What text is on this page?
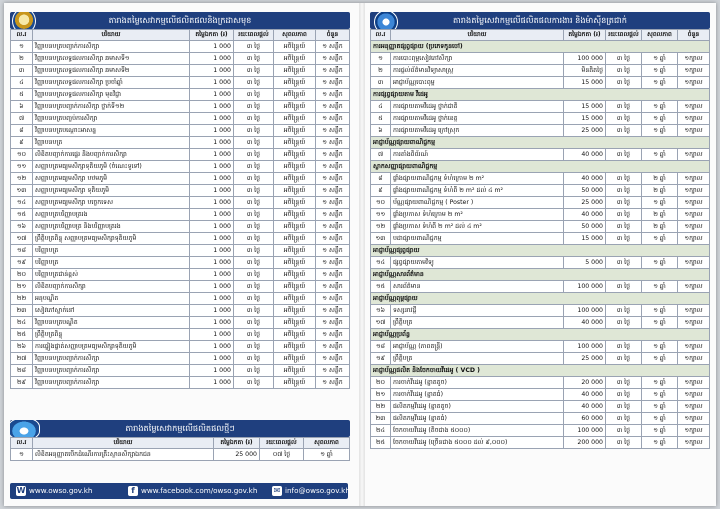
តារាងតម្លៃសេវាកម្មលើផលិតផលនិងក្រដាសមុខ
ល.រ	បរិយាយ	តម្លៃឯកតា (៛)	រយៈពេលផ្ដល់	សុពលភាព	ចំនួន
១	វិញ្ញាបនបត្របញ្ជាក់ការសិក្សា	1 000	៣ ថ្ងៃ	អចិន្ត្រៃយ៍	១ សន្លឹក
២	វិញ្ញាបនបត្រលទ្ធផលការសិក្សា ឆមាសទី១	1 000	៣ ថ្ងៃ	អចិន្ត្រៃយ៍	១ សន្លឹក
៣	វិញ្ញាបនបត្រលទ្ធផលការសិក្សា ឆមាសទី២	1 000	៣ ថ្ងៃ	អចិន្ត្រៃយ៍	១ សន្លឹក
៤	វិញ្ញាបនបត្រលទ្ធផលការសិក្សា ប្រចាំឆ្នាំ	1 000	៣ ថ្ងៃ	អចិន្ត្រៃយ៍	១ សន្លឹក
៥	វិញ្ញាបនបត្រលទ្ធផលការសិក្សា មុខវិជ្ជា	1 000	៣ ថ្ងៃ	អចិន្ត្រៃយ៍	១ សន្លឹក
៦	វិញ្ញាបនបត្របញ្ជាក់ការសិក្សា ថ្នាក់ទី១២	1 000	៣ ថ្ងៃ	អចិន្ត្រៃយ៍	១ សន្លឹក
៧	វិញ្ញាបនបត្របញ្ចប់ការសិក្សា	1 000	៣ ថ្ងៃ	អចិន្ត្រៃយ៍	១ សន្លឹក
៨	វិញ្ញាបនបត្របណ្ដោះអាសន្ន	1 000	៣ ថ្ងៃ	អចិន្ត្រៃយ៍	១ សន្លឹក
៩	វិញ្ញាបនបត្រ	1 000	៣ ថ្ងៃ	អចិន្ត្រៃយ៍	១ សន្លឹក
១០	លិខិតបញ្ជាក់ការផ្ទេរ និងបញ្ជាក់ការសិក្សា	1 000	៣ ថ្ងៃ	អចិន្ត្រៃយ៍	១ សន្លឹក
១១	សញ្ញាបត្រមធ្យមសិក្សាទុតិយភូមិ (ចំណេះទូទៅ)	1 000	៣ ថ្ងៃ	អចិន្ត្រៃយ៍	១ សន្លឹក
១២	សញ្ញាបត្រមធ្យមសិក្សា បឋមភូមិ	1 000	៣ ថ្ងៃ	អចិន្ត្រៃយ៍	១ សន្លឹក
១៣	សញ្ញាបត្រមធ្យមសិក្សា ទុតិយភូមិ	1 000	៣ ថ្ងៃ	អចិន្ត្រៃយ៍	១ សន្លឹក
១៤	សញ្ញាបត្រមធ្យមសិក្សា បច្ចេកទេស	1 000	៣ ថ្ងៃ	អចិន្ត្រៃយ៍	១ សន្លឹក
១៥	សញ្ញាបត្របរិញ្ញាបត្ររង	1 000	៣ ថ្ងៃ	អចិន្ត្រៃយ៍	១ សន្លឹក
១៦	សញ្ញាបត្របរិញ្ញាបត្រ និងបរិញ្ញាបត្ររង	1 000	៣ ថ្ងៃ	អចិន្ត្រៃយ៍	១ សន្លឹក
១៧	ព្រឹត្តិបត្រពិន្ទុ សញ្ញាបត្រមធ្យមសិក្សាទុតិយភូមិ	1 000	៣ ថ្ងៃ	អចិន្ត្រៃយ៍	១ សន្លឹក
១៨	បរិញ្ញាបត្រ	1 000	៣ ថ្ងៃ	អចិន្ត្រៃយ៍	១ សន្លឹក
១៩	បរិញ្ញាបត្រ	1 000	៣ ថ្ងៃ	អចិន្ត្រៃយ៍	១ សន្លឹក
២០	បរិញ្ញាបត្រជាន់ខ្ពស់	1 000	៣ ថ្ងៃ	អចិន្ត្រៃយ៍	១ សន្លឹក
២១	លិខិតបញ្ជាក់ការសិក្សា	1 000	៣ ថ្ងៃ	អចិន្ត្រៃយ៍	១ សន្លឹក
២២	អនុបណ្ឌិត	1 000	៣ ថ្ងៃ	អចិន្ត្រៃយ៍	១ សន្លឹក
២៣	សៀវភៅស្នាក់នៅ	1 000	៣ ថ្ងៃ	អចិន្ត្រៃយ៍	១ សន្លឹក
២៤	វិញ្ញាបនបត្របណ្ឌិត	1 000	៣ ថ្ងៃ	អចិន្ត្រៃយ៍	១ សន្លឹក
២៥	ព្រឹត្តិបត្រពិន្ទុ	1 000	៣ ថ្ងៃ	អចិន្ត្រៃយ៍	១ សន្លឹក
២៦	ការផ្ទៀងផ្ទាត់សញ្ញាបត្រមធ្យមសិក្សាទុតិយភូមិ	1 000	៣ ថ្ងៃ	អចិន្ត្រៃយ៍	១ សន្លឹក
២៧	វិញ្ញាបនបត្របញ្ជាក់ការសិក្សា	1 000	៣ ថ្ងៃ	អចិន្ត្រៃយ៍	១ សន្លឹក
២៨	វិញ្ញាបនបត្របញ្ជាក់ការសិក្សា	1 000	៣ ថ្ងៃ	អចិន្ត្រៃយ៍	១ សន្លឹក
២៩	វិញ្ញាបនបត្របញ្ជាក់ការសិក្សា	1 000	៣ ថ្ងៃ	អចិន្ត្រៃយ៍	១ សន្លឹក
តារាងតម្លៃសេវាកម្មលើផលិតផលថ្មីៗ
ល.រ	បរិយាយ	តម្លៃឯកតា (៛)	រយៈពេលផ្ដល់	សុពលភាព
១	លិខិតអនុញ្ញាតបើកដំណើរការគ្រឹះស្ថានសិក្សាឯកជន	25 000	០៧ ថ្ងៃ	១ ឆ្នាំ
W www.owso.gov.kh	f www.facebook.com/owso.gov.kh ✉ info@owso.gov.kh
តារាងតម្លៃសេវាកម្មលើផលិតផលការងារ និងម៉ាស៊ីនត្រជាក់
ល.រ	បរិយាយ	តម្លៃឯកតា (៛)	រយៈពេលផ្ដល់	សុពលភាព	ចំនួន
ការអនុញ្ញាតផ្សព្វផ្សាយ (ប្រភេទកូនចៅ)					
១	ការបោះពុម្ពសៀវភៅសិក្សា	100 000	៣ ថ្ងៃ	១ ឆ្នាំ	១ក្បាល
២	ការផ្ដល់ព័ត៌មានវិទ្យាសាស្ត្រ	មិនគិតថ្លៃ	៣ ថ្ងៃ	១ ឆ្នាំ	១ក្បាល
៣	អាជ្ញាប័ណ្ណបោះពុម្ព	15 000	៣ ថ្ងៃ	១ ឆ្នាំ	១ក្បាល
ការផ្សព្វផ្សាយតាម វីដេអូ					
៤	ការផ្សាយតាមវីដេអូ ថ្នាក់ជាតិ	15 000	៣ ថ្ងៃ	១ ឆ្នាំ	១ក្បាល
៥	ការផ្សាយតាមវីដេអូ ថ្នាក់ខេត្ត	15 000	៣ ថ្ងៃ	១ ឆ្នាំ	១ក្បាល
៦	ការផ្សាយតាមវីដេអូ ក្រៅស្រុក	25 000	៣ ថ្ងៃ	១ ឆ្នាំ	១ក្បាល
អាជ្ញាប័ណ្ណផ្សាយពាណិជ្ជកម្ម					
៧	ការតាំងពិព័រណ៍	40 000	៣ ថ្ងៃ	១ ឆ្នាំ	១ក្បាល
ស្លាកសញ្ញាផ្សាយពាណិជ្ជកម្ម					
៨	ផ្ទាំងផ្សាយពាណិជ្ជកម្ម ទំហំក្រោម ២ m²	40 000	៣ ថ្ងៃ	២ ឆ្នាំ	១ក្បាល
៩	ផ្ទាំងផ្សាយពាណិជ្ជកម្ម ទំហំពី ២ m² ដល់ ៤ m²	50 000	៣ ថ្ងៃ	២ ឆ្នាំ	១ក្បាល
១០	ប័ណ្ណផ្សាយពាណិជ្ជកម្ម ( Poster )	25 000	៣ ថ្ងៃ	១ ឆ្នាំ	១ក្បាល
១១	ផ្ទាំងប្រកាស ទំហំក្រោម ២ m²	40 000	៣ ថ្ងៃ	២ ឆ្នាំ	១ក្បាល
១២	ផ្ទាំងប្រកាស ទំហំពី ២ m² ដល់ ៤ m²	50 000	៣ ថ្ងៃ	២ ឆ្នាំ	១ក្បាល
១៣	បដាផ្សាយពាណិជ្ជកម្ម	15 000	៣ ថ្ងៃ	១ ឆ្នាំ	១ក្បាល
អាជ្ញាប័ណ្ណផ្សព្វផ្សាយ					
១៤	ផ្សព្វផ្សាយតាមវិទ្យុ	5 000	៣ ថ្ងៃ	១ ឆ្នាំ	១ក្បាល
អាជ្ញាប័ណ្ណសារព័ត៌មាន					
១៥	សារព័ត៌មាន	100 000	៣ ថ្ងៃ	១ ឆ្នាំ	១ក្បាល
អាជ្ញាប័ណ្ណពុម្ពផ្សាយ					
១៦	ទស្សនាវដ្ដី	100 000	៣ ថ្ងៃ	១ ឆ្នាំ	១ក្បាល
១៧	ព្រឹត្តិបត្រ	40 000	៣ ថ្ងៃ	១ ឆ្នាំ	១ក្បាល
អាជ្ញាប័ណ្ណប្រព័ន្ធ					
១៨	អាជ្ញាប័ណ្ណ (ភាពតន្ត្រី)	100 000	៣ ថ្ងៃ	១ ឆ្នាំ	១ក្បាល
១៩	ព្រឹត្តិបត្រ	25 000	៣ ថ្ងៃ	១ ឆ្នាំ	១ក្បាល
អាជ្ញាប័ណ្ណផលិត និងចែកចាយវីដេអូ ( VCD )					
២០	ការចាក់វីដេអូ (ខ្នាតតូច)	20 000	៣ ថ្ងៃ	១ ឆ្នាំ	១ក្បាល
២១	ការចាក់វីដេអូ (ខ្នាតធំ)	40 000	៣ ថ្ងៃ	១ ឆ្នាំ	១ក្បាល
២២	ផលិតកម្មវីដេអូ (ខ្នាតតូច)	40 000	៣ ថ្ងៃ	១ ឆ្នាំ	១ក្បាល
២៣	ផលិតកម្មវីដេអូ (ខ្នាតធំ)	60 000	៣ ថ្ងៃ	១ ឆ្នាំ	១ក្បាល
២៤	ចែកចាយវីដេអូ (តិចជាង ៥០០០)	100 000	៣ ថ្ងៃ	១ ឆ្នាំ	១ក្បាល
២៥	ចែកចាយវីដេអូ (ច្រើនជាង ៥០០០ ដល់ ៩,០០០)	200 000	៣ ថ្ងៃ	១ ឆ្នាំ	១ក្បាល
